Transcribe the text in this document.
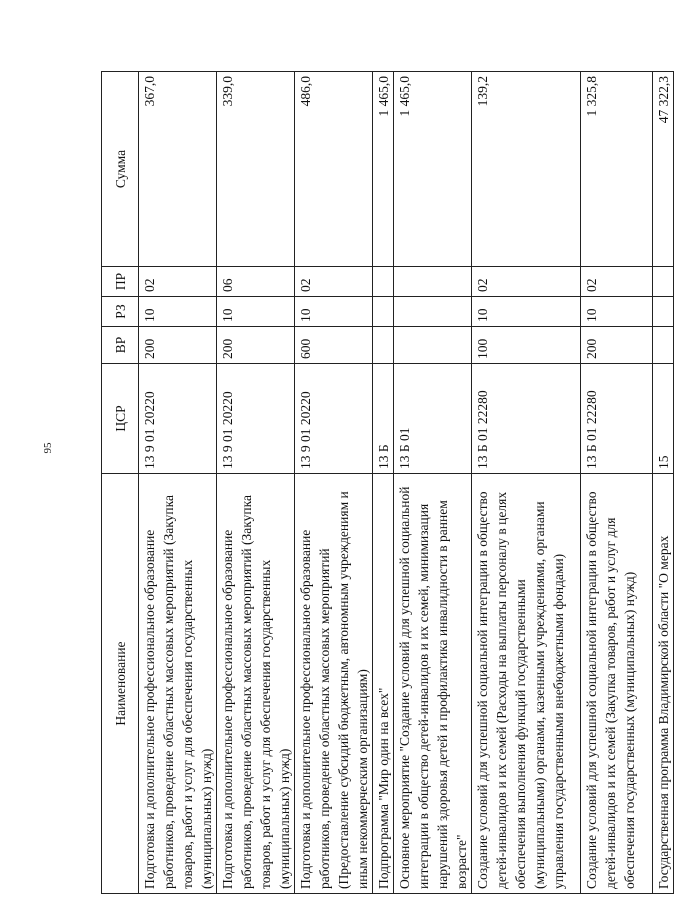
95
Наименование	ЦСР	ВР	РЗ	ПР	Сумма
Подготовка и дополнительное профессиональное образование работников, проведение областных массовых мероприятий (Закупка товаров, работ и услуг для обеспечения государственных (муниципальных) нужд)	13 9 01 20220	200	10	02	367,0
Подготовка и дополнительное профессиональное образование работников, проведение областных массовых мероприятий (Закупка товаров, работ и услуг для обеспечения государственных (муниципальных) нужд)	13 9 01 20220	200	10	06	339,0
Подготовка и дополнительное профессиональное образование работников, проведение областных массовых мероприятий (Предоставление субсидий бюджетным, автономным учреждениям и иным некоммерческим организациям)	13 9 01 20220	600	10	02	486,0
Подпрограмма "Мир один на всех"	13 Б				1 465,0
Основное мероприятие "Создание условий для успешной социальной интеграции в общество детей-инвалидов и их семей, минимизация нарушений здоровья детей и профилактика инвалидности в раннем возрасте"	13 Б 01				1 465,0
Создание условий для успешной социальной интеграции в общество детей-инвалидов и их семей (Расходы на выплаты персоналу в целях обеспечения выполнения функций государственными (муниципальными) органами, казенными учреждениями, органами управления государственными внебюджетными фондами)	13 Б 01 22280	100	10	02	139,2
Создание условий для успешной социальной интеграции в общество детей-инвалидов и их семей (Закупка товаров, работ и услуг для обеспечения государственных (муниципальных) нужд)	13 Б 01 22280	200	10	02	1 325,8
Государственная программа Владимирской области "О мерах	15				47 322,3
